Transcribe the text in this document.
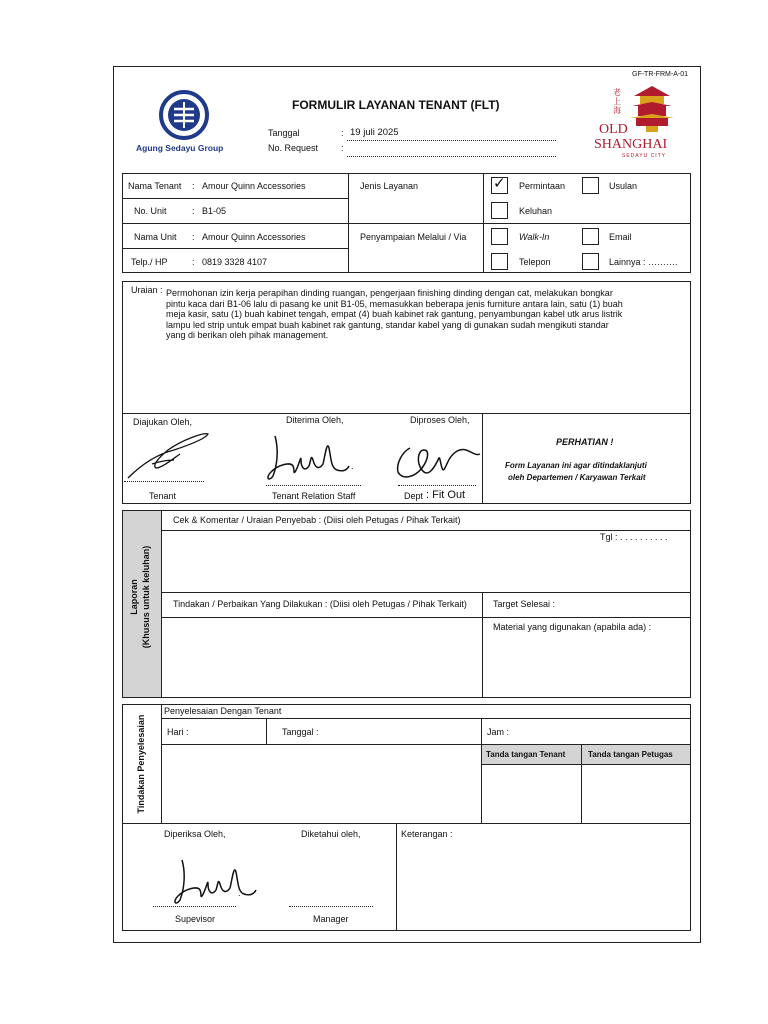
GF-TR-FRM-A-01
Agung Sedayu Group
FORMULIR LAYANAN TENANT (FLT)
Tanggal	: 19 juli 2025
No. Request	:
老上海
OLD
SHANGHAI
SEDAYU CITY
Nama Tenant : Amour Quinn Accessories
No. Unit	: B1-05
Nama Unit : Amour Quinn Accessories
Telp./ HP	: 0819 3328 4107
Jenis Layanan
Penyampaian Melalui / Via
✓ Permintaan	Usulan
Keluhan
Walk-In	Email
Telepon	Lainnya : ……….
Uraian : Permohonan izin kerja perapihan dinding ruangan, pengerjaan finishing dinding dengan cat, melakukan bongkar
pintu kaca dari B1-06 lalu di pasang ke unit B1-05, memasukkan beberapa jenis furniture antara lain, satu (1) buah
meja kasir, satu (1) buah kabinet tengah, empat (4) buah kabinet rak gantung, penyambungan kabel utk arus listrik
lampu led strip untuk empat buah kabinet rak gantung, standar kabel yang di gunakan sudah mengikuti standar
yang di berikan oleh pihak management.
Diajukan Oleh,	Diterima Oleh,	Diproses Oleh,
Tenant
.
Tenant Relation Staff	Dept : Fit Out
PERHATIAN !
Form Layanan ini agar ditindaklanjuti
oleh Departemen / Karyawan Terkait
Laporan (Khusus untuk keluhan)
Cek & Komentar / Uraian Penyebab : (Diisi oleh Petugas / Pihak Terkait)
Tgl : . . . . . . . . . .
Tindakan / Perbaikan Yang Dilakukan : (Diisi oleh Petugas / Pihak Terkait)	Target Selesai :
Material yang digunakan (apabila ada) :
Tindakan Penyelesaian
Penyelesaian Dengan Tenant
Hari :	Tanggal :	Jam :
Tanda tangan Tenant	Tanda tangan Petugas
Diperiksa Oleh,	Diketahui oleh,	Keterangan :
.
Supevisor	Manager
